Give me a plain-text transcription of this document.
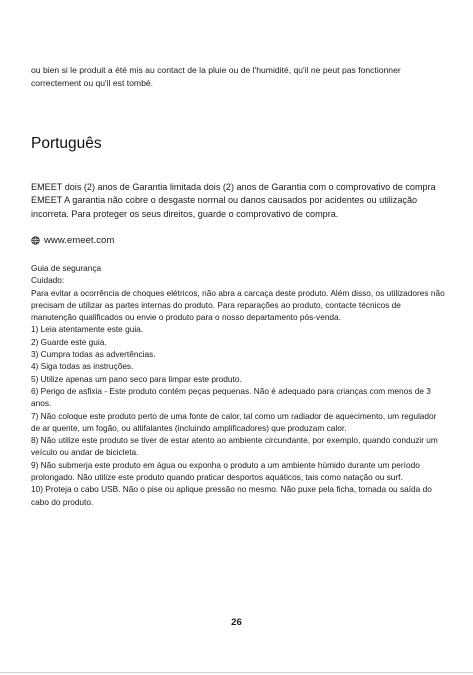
ou bien si le produit a été mis au contact de la pluie ou de l'humidité, qu'il ne peut pas fonctionner correctement ou qu'il est tombé.
Português

EMEET dois (2) anos de Garantia limitada dois (2) anos de Garantia com o comprovativo de compra EMEET A garantia não cobre o desgaste normal ou danos causados por acidentes ou utilização incorreta. Para proteger os seus direitos, guarde o comprovativo de compra.

www.emeet.com

Guia de segurança

Cuidado:

Para evitar a ocorrência de choques elétricos, não abra a carcaça deste produto. Além disso, os utilizadores não precisam de utilizar as partes internas do produto. Para reparações ao produto, contacte técnicos de manutenção qualificados ou envie o produto para o nosso departamento pós-venda.

1) Leia atentamente este guia.
2) Guarde este guia.
3) Cumpra todas as advertências.
4) Siga todas as instruções.
5) Utilize apenas um pano seco para limpar este produto.
6) Perigo de asfixia - Este produto contém peças pequenas. Não é adequado para crianças com menos de 3 anos.
7) Não coloque este produto perto de uma fonte de calor, tal como um radiador de aquecimento, um regulador de ar quente, um fogão, ou altifalantes (incluindo amplificadores) que produzam calor.
8) Não utilize este produto se tiver de estar atento ao ambiente circundante, por exemplo, quando conduzir um veículo ou andar de bicicleta.
9) Não submerja este produto em água ou exponha o produto a um ambiente húmido durante um período prolongado. Não utilize este produto quando praticar desportos aquáticos, tais como natação ou surf.
10) Proteja o cabo USB. Não o pise ou aplique pressão no mesmo. Não puxe pela ficha, tomada ou saída do cabo do produto.
26
